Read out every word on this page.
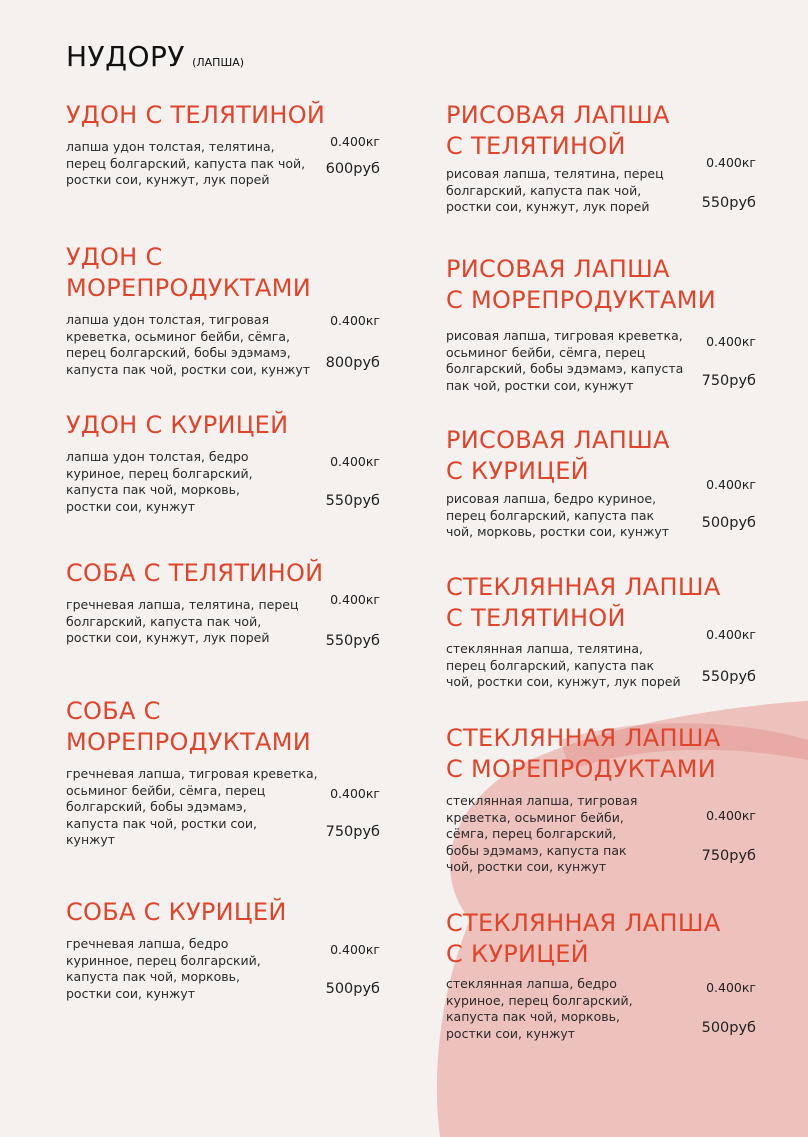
НУДОРУ (ЛАПША)
УДОН С ТЕЛЯТИНОЙ
лапша удон толстая, телятина,
перец болгарский, капуста пак чой,
ростки сои, кунжут, лук порей
0.400кг
600руб
УДОН С
МОРЕПРОДУКТАМИ
лапша удон толстая, тигровая
креветка, осьминог бейби, сёмга,
перец болгарский, бобы эдэмамэ,
капуста пак чой, ростки сои, кунжут
0.400кг
800руб
УДОН С КУРИЦЕЙ
лапша удон толстая, бедро
куриное, перец болгарский,
капуста пак чой, морковь,
ростки сои, кунжут
0.400кг
550руб
СОБА С ТЕЛЯТИНОЙ
гречневая лапша, телятина, перец
болгарский, капуста пак чой,
ростки сои, кунжут, лук порей
0.400кг
550руб
СОБА С
МОРЕПРОДУКТАМИ
гречневая лапша, тигровая креветка,
осьминог бейби, сёмга, перец
болгарский, бобы эдэмамэ,
капуста пак чой, ростки сои,
кунжут
0.400кг
750руб
СОБА С КУРИЦЕЙ
гречневая лапша, бедро
куринное, перец болгарский,
капуста пак чой, морковь,
ростки сои, кунжут
0.400кг
500руб
РИСОВАЯ ЛАПША
С ТЕЛЯТИНОЙ
рисовая лапша, телятина, перец
болгарский, капуста пак чой,
ростки сои, кунжут, лук порей
0.400кг
550руб
РИСОВАЯ ЛАПША
С МОРЕПРОДУКТАМИ
рисовая лапша, тигровая креветка,
осьминог бейби, сёмга, перец
болгарский, бобы эдэмамэ, капуста
пак чой, ростки сои, кунжут
0.400кг
750руб
РИСОВАЯ ЛАПША
С КУРИЦЕЙ
рисовая лапша, бедро куриное,
перец болгарский, капуста пак
чой, морковь, ростки сои, кунжут
0.400кг
500руб
СТЕКЛЯННАЯ ЛАПША
С ТЕЛЯТИНОЙ
стеклянная лапша, телятина,
перец болгарский, капуста пак
чой, ростки сои, кунжут, лук порей
0.400кг
550руб
СТЕКЛЯННАЯ ЛАПША
С МОРЕПРОДУКТАМИ
стеклянная лапша, тигровая
креветка, осьминог бейби,
сёмга, перец болгарский,
бобы эдэмамэ, капуста пак
чой, ростки сои, кунжут
0.400кг
750руб
СТЕКЛЯННАЯ ЛАПША
С КУРИЦЕЙ
стеклянная лапша, бедро
куриное, перец болгарский,
капуста пак чой, морковь,
ростки сои, кунжут
0.400кг
500руб
